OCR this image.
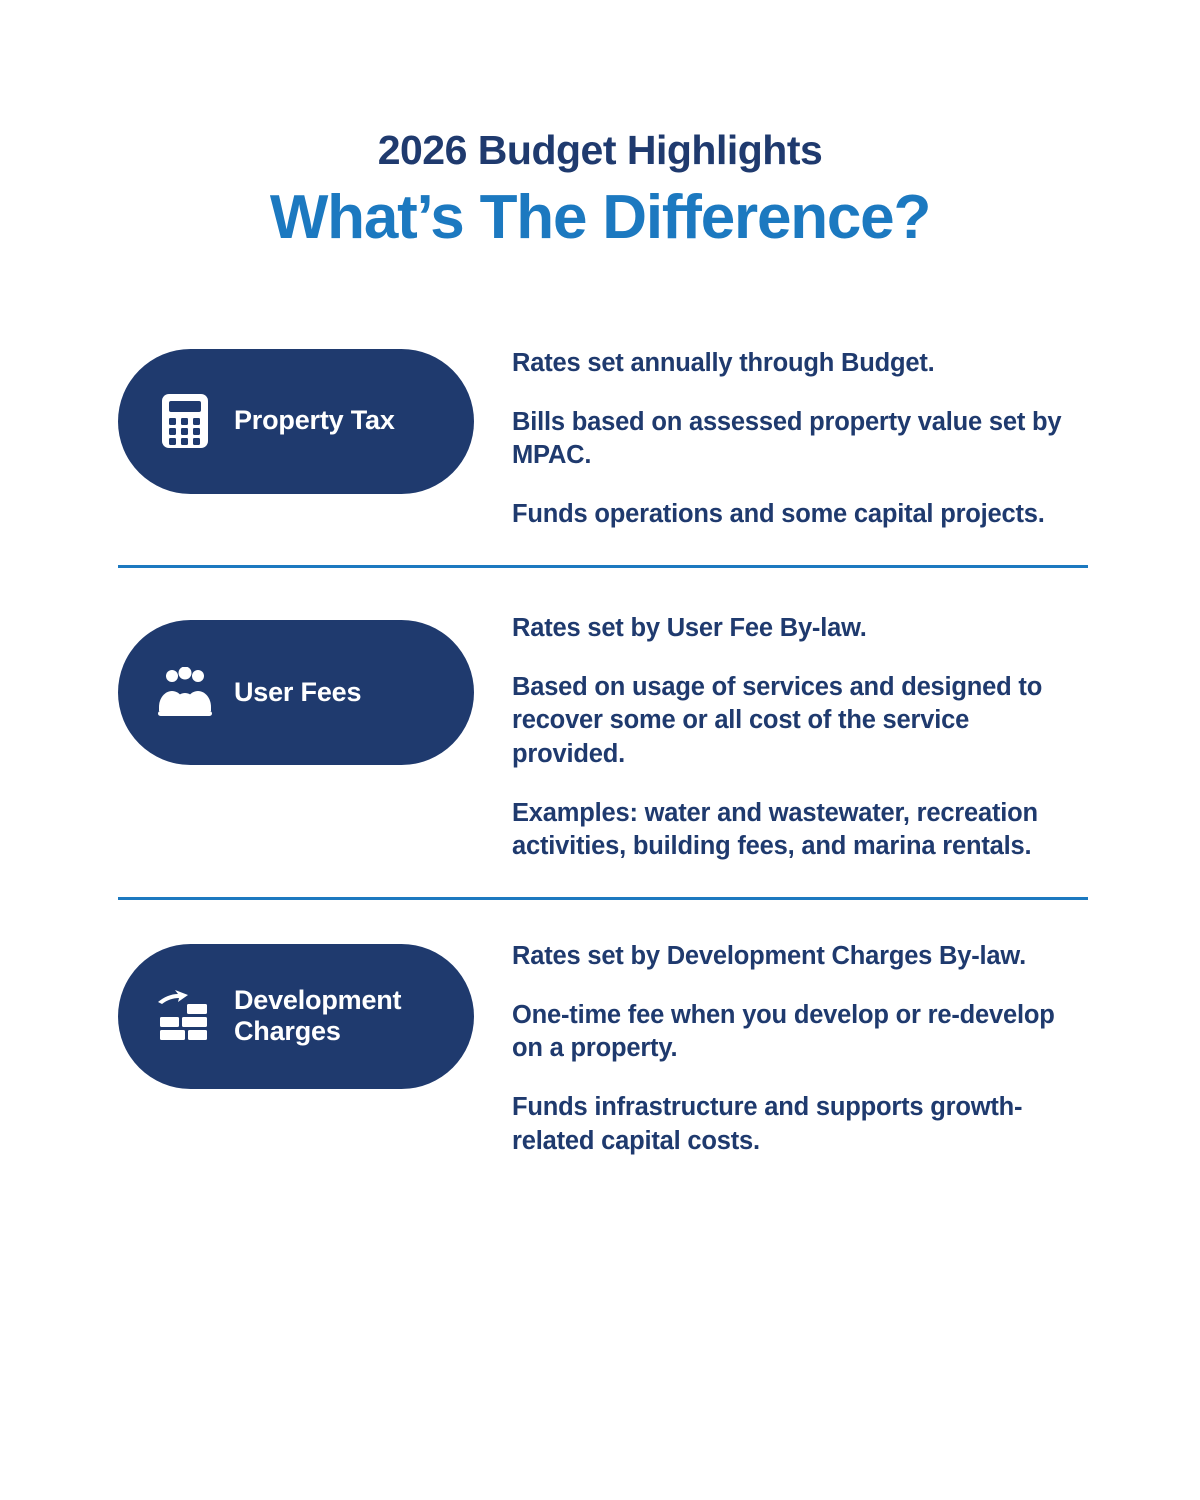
2026 Budget Highlights
What’s The Difference?
Property Tax

Rates set annually through Budget.

Bills based on assessed property value set by MPAC.

Funds operations and some capital projects.

User Fees

Rates set by User Fee By-law.

Based on usage of services and designed to recover some or all cost of the service provided.

Examples: water and wastewater, recreation activities, building fees, and marina rentals.

Development Charges

Rates set by Development Charges By-law.

One-time fee when you develop or re-develop on a property.

Funds infrastructure and supports growth-related capital costs.
